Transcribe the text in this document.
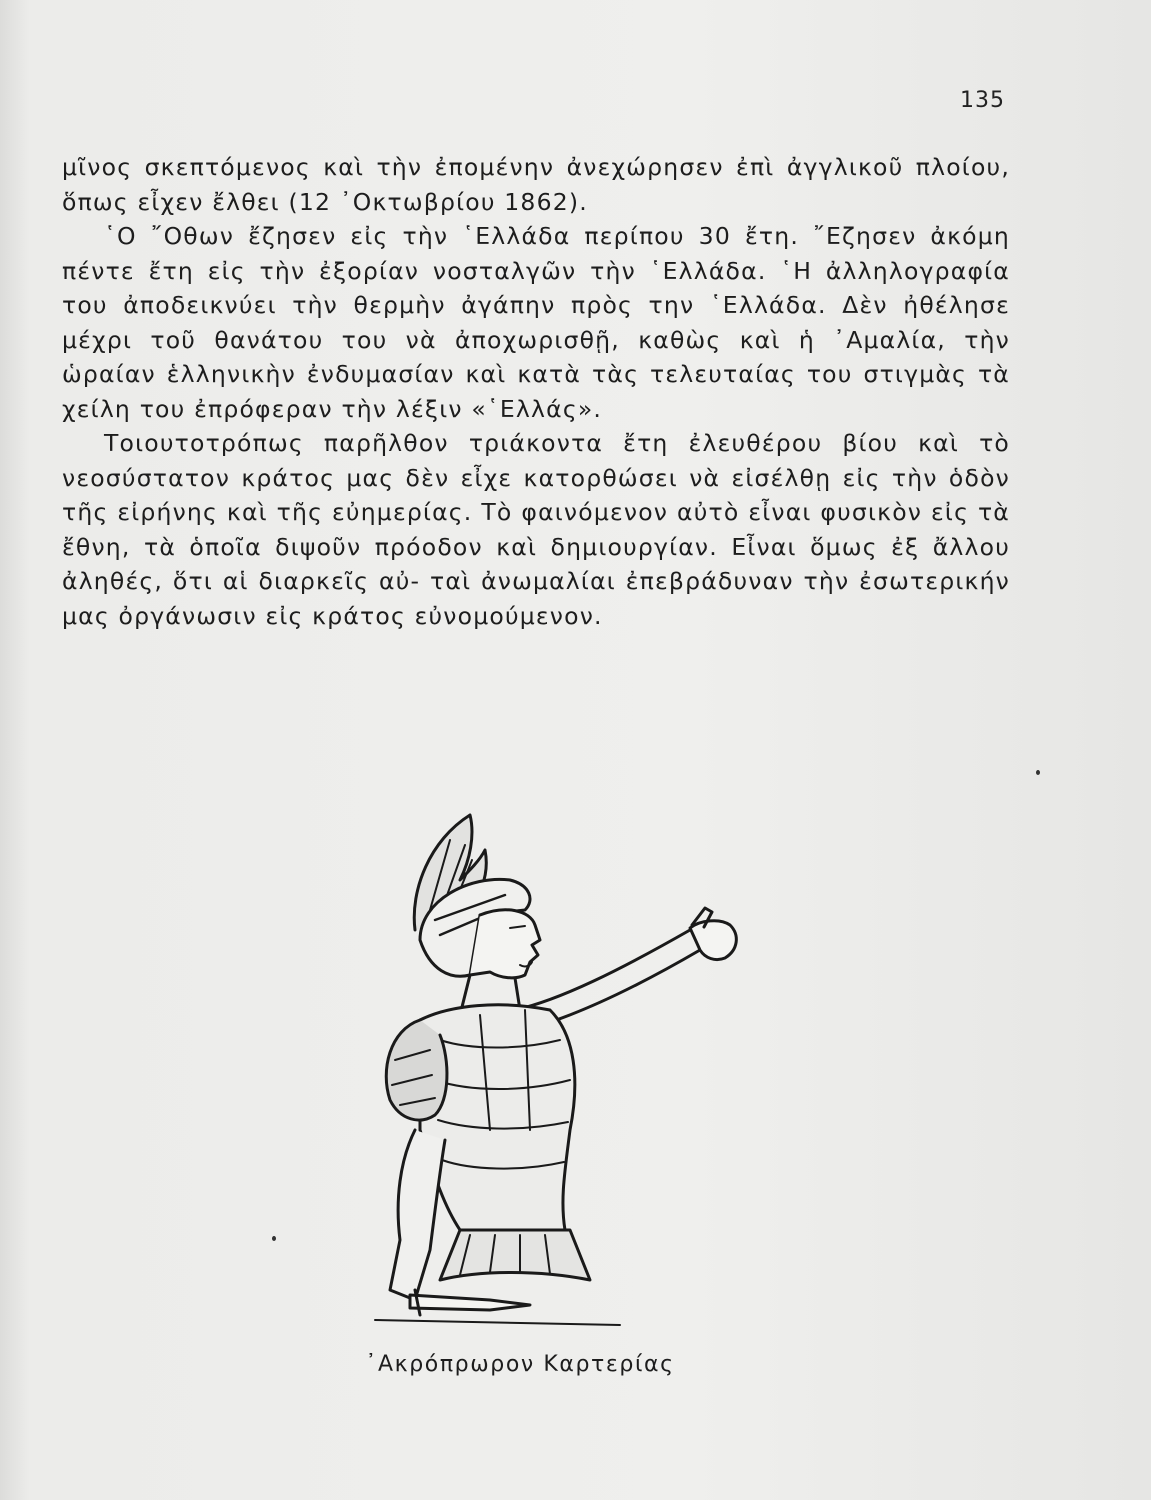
135

μῖνος σκεπτόμενος καὶ τὴν ἐπομένην ἀνεχώρησεν ἐπὶ ἀγγλικοῦ πλοίου, ὅπως εἶχεν ἔλθει (12 ᾿Οκτωβρίου 1862).

῾Ο ῎Οθων ἔζησεν εἰς τὴν ῾Ελλάδα περίπου 30 ἔτη. ῎Εζησεν ἀκόμη πέντε ἔτη εἰς τὴν ἐξορίαν νοσταλγῶν τὴν ῾Ελλάδα. ῾Η ἀλληλογραφία του ἀποδεικνύει τὴν θερμὴν ἀγάπην πρὸς την ῾Ελλάδα. Δὲν ἠθέλησε μέχρι τοῦ θανάτου του νὰ ἀποχωρισθῇ, καθὼς καὶ ἡ ᾿Αμαλία, τὴν ὡραίαν ἑλληνικὴν ἐνδυμασίαν καὶ κατὰ τὰς τελευταίας του στιγμὰς τὰ χείλη του ἐπρόφεραν τὴν λέξιν «῾Ελλάς».

Τοιουτοτρόπως παρῆλθον τριάκοντα ἔτη ἐλευθέρου βίου καὶ τὸ νεοσύστατον κράτος μας δὲν εἶχε κατορθώσει νὰ εἰσέλθῃ εἰς τὴν ὁδὸν τῆς εἰρήνης καὶ τῆς εὐημερίας. Τὸ φαινόμενον αὐτὸ εἶναι φυσικὸν εἰς τὰ ἔθνη, τὰ ὁποῖα διψοῦν πρόοδον καὶ δημιουργίαν. Εἶναι ὅμως ἐξ ἄλλου ἀληθές, ὅτι αἱ διαρκεῖς αὐ- ταὶ ἀνωμαλίαι ἐπεβράδυναν τὴν ἐσωτερικήν μας ὀργάνωσιν εἰς κράτος εὐνομούμενον.

᾿Ακρόπρωρον Καρτερίας
